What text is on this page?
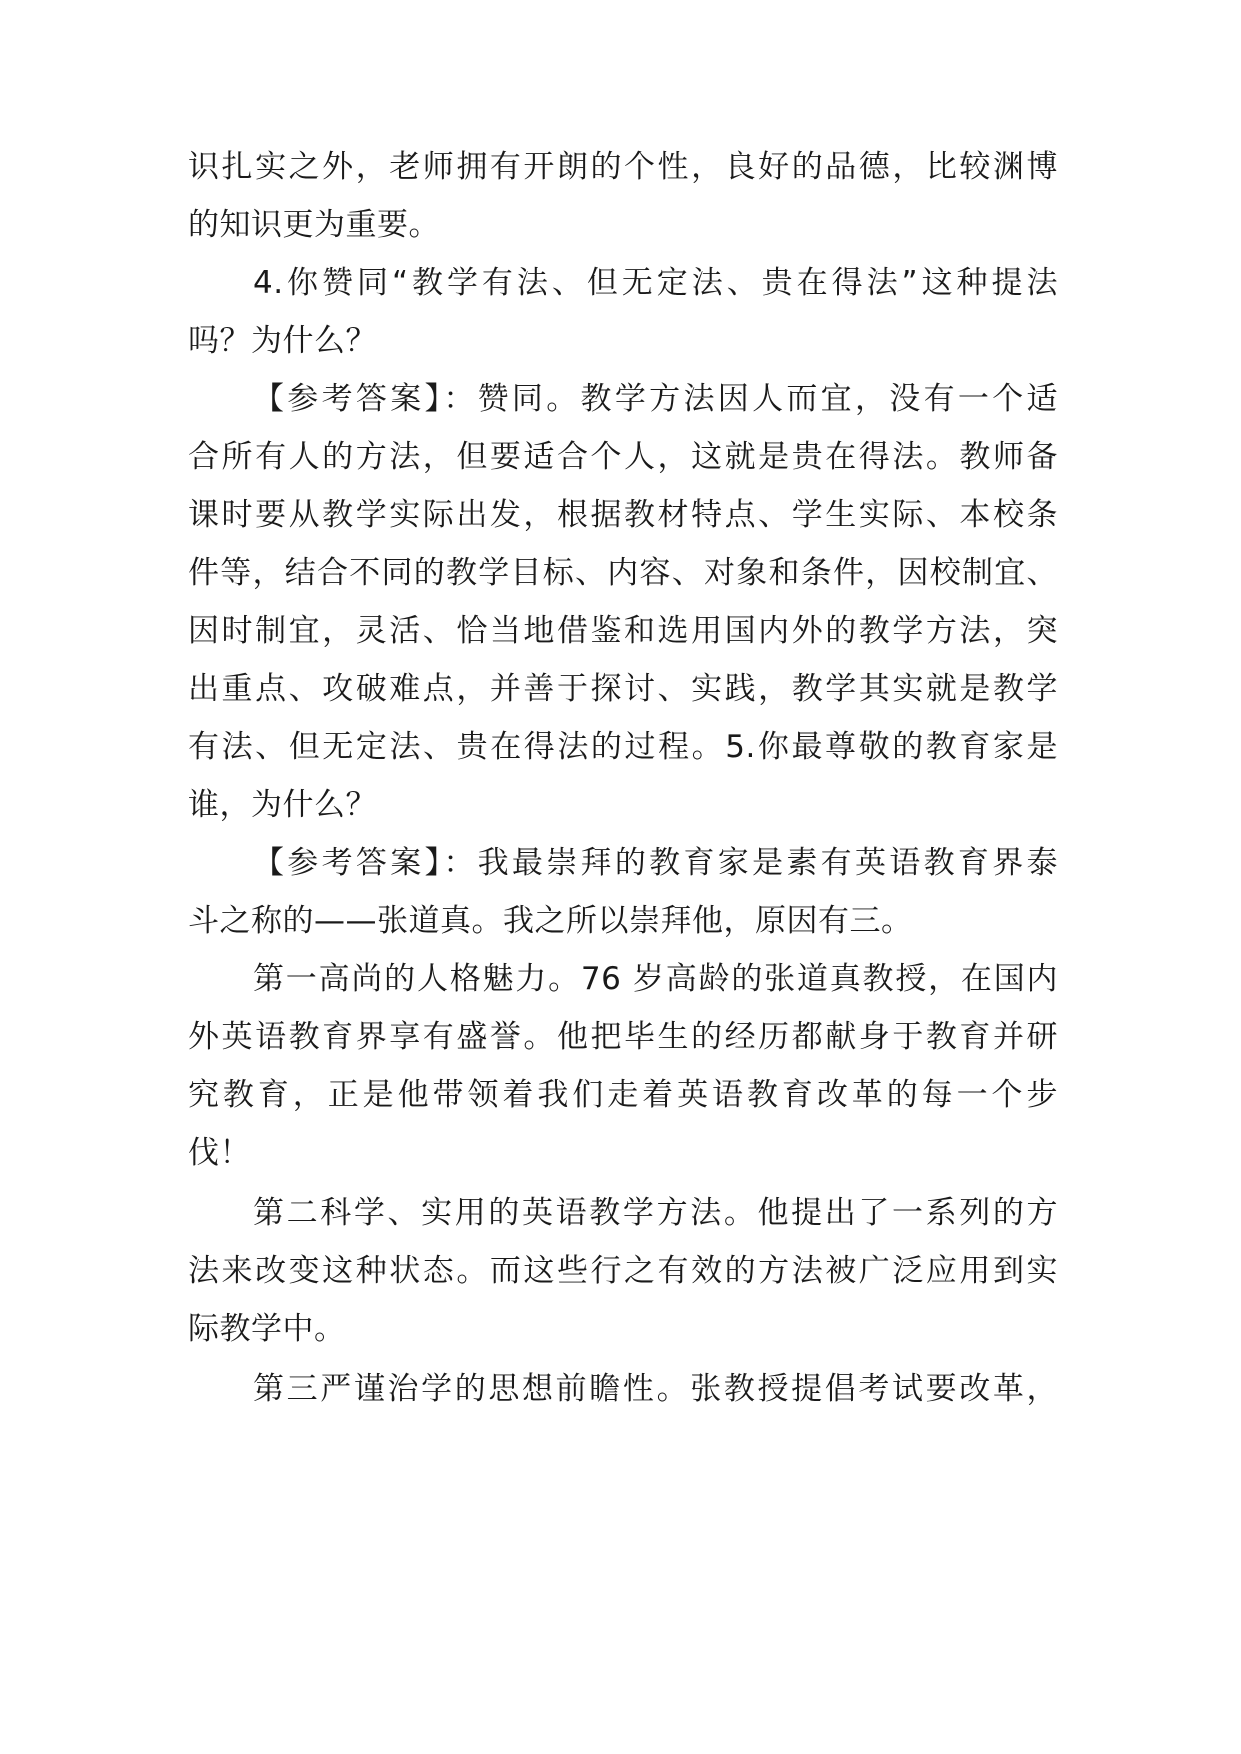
识扎实之外，老师拥有开朗的个性，良好的品德，比较渊博
的知识更为重要。
4.你赞同“教学有法、但无定法、贵在得法”这种提法
吗？为什么？
【参考答案】：赞同。教学方法因人而宜，没有一个适
合所有人的方法，但要适合个人，这就是贵在得法。教师备
课时要从教学实际出发，根据教材特点、学生实际、本校条
件等，结合不同的教学目标、内容、对象和条件，因校制宜、
因时制宜，灵活、恰当地借鉴和选用国内外的教学方法，突
出重点、攻破难点，并善于探讨、实践，教学其实就是教学
有法、但无定法、贵在得法的过程。5.你最尊敬的教育家是
谁，为什么？
【参考答案】：我最崇拜的教育家是素有英语教育界泰
斗之称的——张道真。我之所以崇拜他，原因有三。
第一高尚的人格魅力。76 岁高龄的张道真教授，在国内
外英语教育界享有盛誉。他把毕生的经历都献身于教育并研
究教育，正是他带领着我们走着英语教育改革的每一个步
伐！
第二科学、实用的英语教学方法。他提出了一系列的方
法来改变这种状态。而这些行之有效的方法被广泛应用到实
际教学中。
第三严谨治学的思想前瞻性。张教授提倡考试要改革，
